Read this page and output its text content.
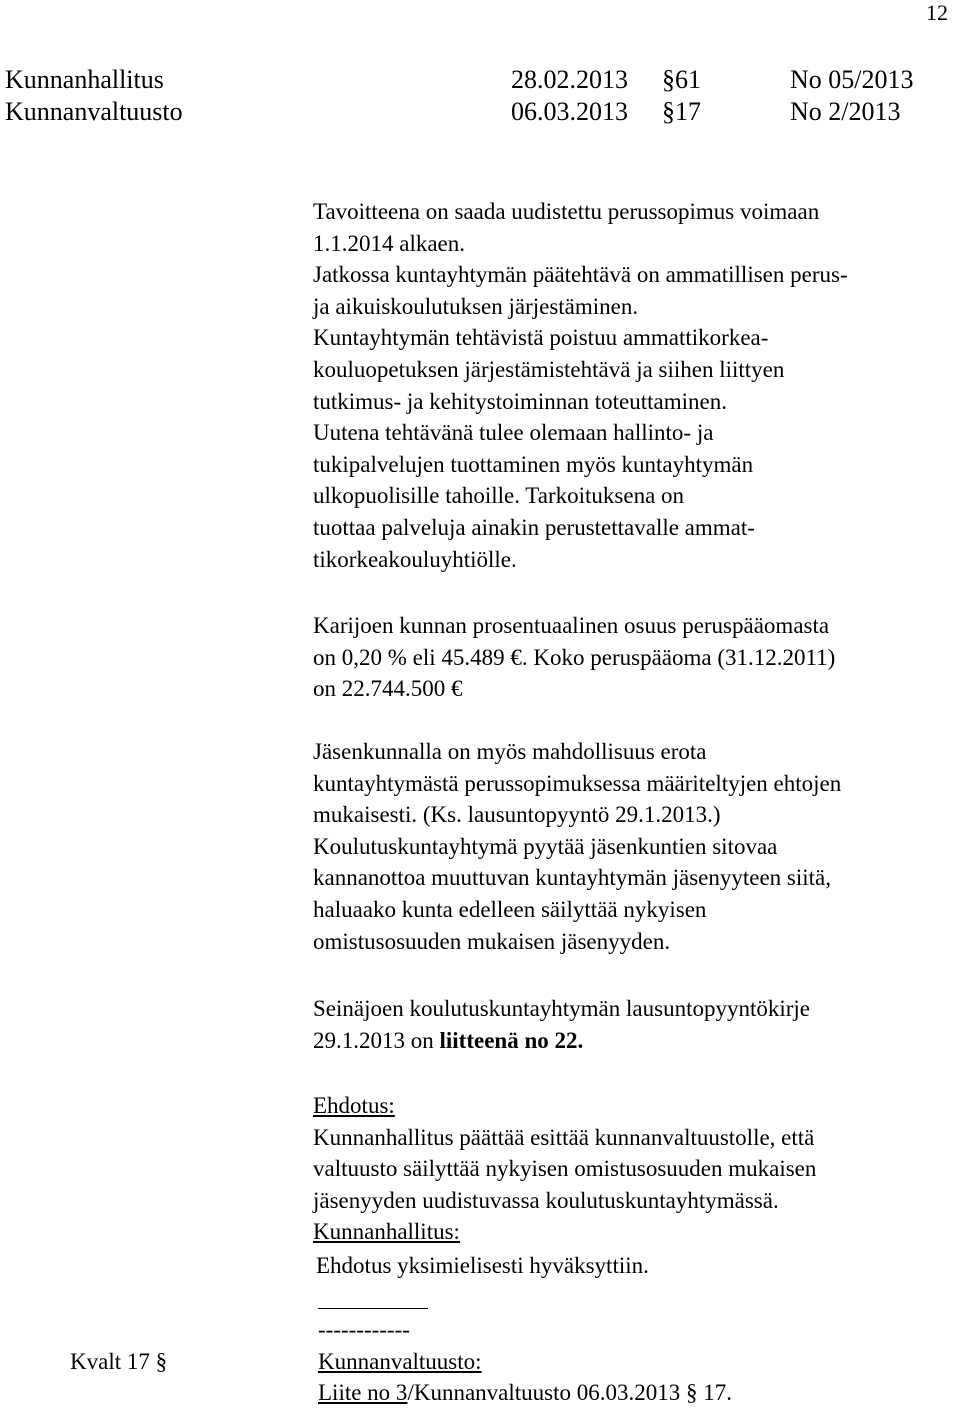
12
Kunnanhallitus	28.02.2013 §61	No 05/2013
Kunnanvaltuusto	06.03.2013 §17	No 2/2013
Tavoitteena on saada uudistettu perussopimus voimaan
1.1.2014 alkaen.
Jatkossa kuntayhtymän päätehtävä on ammatillisen perus-
ja aikuiskoulutuksen järjestäminen.
Kuntayhtymän tehtävistä poistuu ammattikorkea-
kouluopetuksen järjestämistehtävä ja siihen liittyen
tutkimus- ja kehitystoiminnan toteuttaminen.
Uutena tehtävänä tulee olemaan hallinto- ja
tukipalvelujen tuottaminen myös kuntayhtymän
ulkopuolisille tahoille. Tarkoituksena on
tuottaa palveluja ainakin perustettavalle ammat-
tikorkeakouluyhtiölle.
Karijoen kunnan prosentuaalinen osuus peruspääomasta
on 0,20 % eli 45.489 €. Koko peruspääoma (31.12.2011)
on 22.744.500 €
Jäsenkunnalla on myös mahdollisuus erota
kuntayhtymästä perussopimuksessa määriteltyjen ehtojen
mukaisesti. (Ks. lausuntopyyntö 29.1.2013.)
Koulutuskuntayhtymä pyytää jäsenkuntien sitovaa
kannanottoa muuttuvan kuntayhtymän jäsenyyteen siitä,
haluaako kunta edelleen säilyttää nykyisen
omistusosuuden mukaisen jäsenyyden.
Seinäjoen koulutuskuntayhtymän lausuntopyyntökirje
29.1.2013 on liitteenä no 22.
Ehdotus:
Kunnanhallitus päättää esittää kunnanvaltuustolle, että
valtuusto säilyttää nykyisen omistusosuuden mukaisen
jäsenyyden uudistuvassa koulutuskuntayhtymässä.
Kunnanhallitus:
Ehdotus yksimielisesti hyväksyttiin.
------------
Kunnanvaltuusto:
Liite no 3/Kunnanvaltuusto 06.03.2013 § 17.
Kvalt 17 §
